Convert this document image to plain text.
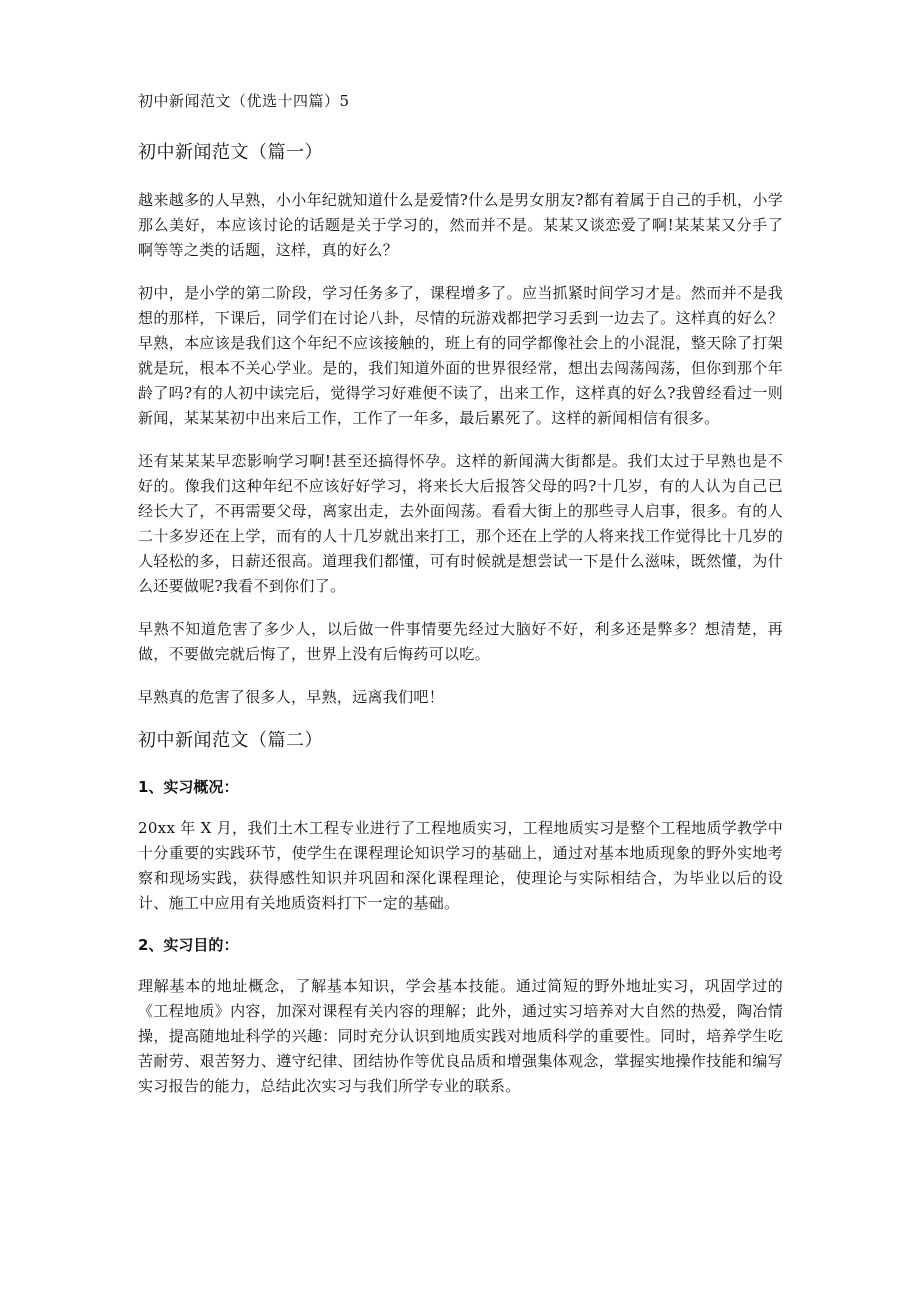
初中新闻范文（优选十四篇）5
初中新闻范文（篇一）

越来越多的人早熟，小小年纪就知道什么是爱情?什么是男女朋友?都有着属于自己的手机，小学那么美好，本应该讨论的话题是关于学习的，然而并不是。某某又谈恋爱了啊!某某某又分手了啊等等之类的话题，这样，真的好么？

初中，是小学的第二阶段，学习任务多了，课程增多了。应当抓紧时间学习才是。然而并不是我想的那样，下课后，同学们在讨论八卦，尽情的玩游戏都把学习丢到一边去了。这样真的好么？早熟，本应该是我们这个年纪不应该接触的，班上有的同学都像社会上的小混混，整天除了打架就是玩，根本不关心学业。是的，我们知道外面的世界很经常，想出去闯荡闯荡，但你到那个年龄了吗?有的人初中读完后，觉得学习好难便不读了，出来工作，这样真的好么?我曾经看过一则新闻，某某某初中出来后工作，工作了一年多，最后累死了。这样的新闻相信有很多。

还有某某某早恋影响学习啊!甚至还搞得怀孕。这样的新闻满大街都是。我们太过于早熟也是不好的。像我们这种年纪不应该好好学习，将来长大后报答父母的吗?十几岁，有的人认为自己已经长大了，不再需要父母，离家出走，去外面闯荡。看看大街上的那些寻人启事，很多。有的人二十多岁还在上学，而有的人十几岁就出来打工，那个还在上学的人将来找工作觉得比十几岁的人轻松的多，日薪还很高。道理我们都懂，可有时候就是想尝试一下是什么滋味，既然懂，为什么还要做呢?我看不到你们了。

早熟不知道危害了多少人，以后做一件事情要先经过大脑好不好，利多还是弊多？想清楚，再做，不要做完就后悔了，世界上没有后悔药可以吃。

早熟真的危害了很多人，早熟，远离我们吧！

初中新闻范文（篇二）
1、实习概况：

20xx 年 X 月，我们土木工程专业进行了工程地质实习，工程地质实习是整个工程地质学教学中十分重要的实践环节，使学生在课程理论知识学习的基础上，通过对基本地质现象的野外实地考察和现场实践，获得感性知识并巩固和深化课程理论，使理论与实际相结合，为毕业以后的设计、施工中应用有关地质资料打下一定的基础。

2、实习目的：

理解基本的地址概念，了解基本知识，学会基本技能。通过简短的野外地址实习，巩固学过的《工程地质》内容，加深对课程有关内容的理解；此外，通过实习培养对大自然的热爱，陶冶情操，提高随地址科学的兴趣：同时充分认识到地质实践对地质科学的重要性。同时，培养学生吃苦耐劳、艰苦努力、遵守纪律、团结协作等优良品质和增强集体观念，掌握实地操作技能和编写实习报告的能力，总结此次实习与我们所学专业的联系。
